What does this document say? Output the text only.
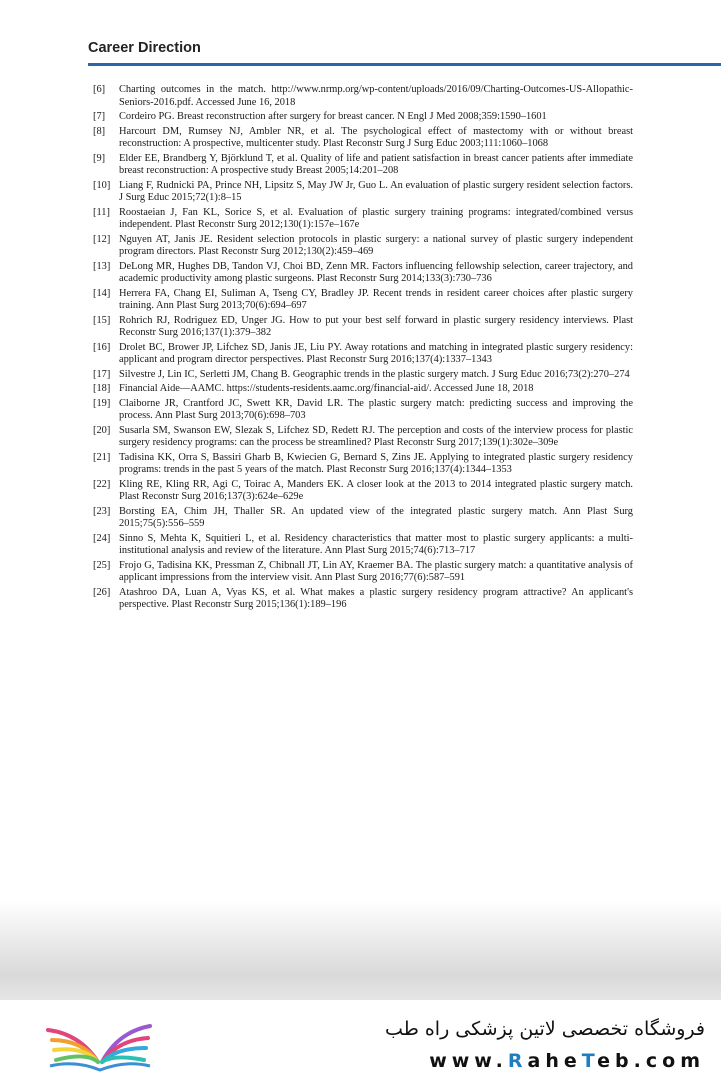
Career Direction
[6]	Charting outcomes in the match. http://www.nrmp.org/wp-content/uploads/2016/09/Charting-Outcomes-US-Allopathic-Seniors-2016.pdf. Accessed June 16, 2018
[7]	Cordeiro PG. Breast reconstruction after surgery for breast cancer. N Engl J Med 2008;359:1590–1601
[8]	Harcourt DM, Rumsey NJ, Ambler NR, et al. The psychological effect of mastectomy with or without breast reconstruction: A prospective, multicenter study. Plast Reconstr Surg J Surg Educ 2003;111:1060–1068
[9]	Elder EE, Brandberg Y, Björklund T, et al. Quality of life and patient satisfaction in breast cancer patients after immediate breast reconstruction: A prospective study Breast 2005;14:201–208
[10] Liang F, Rudnicki PA, Prince NH, Lipsitz S, May JW Jr, Guo L. An evaluation of plastic surgery resident selection factors. J Surg Educ 2015;72(1):8–15
[11] Roostaeian J, Fan KL, Sorice S, et al. Evaluation of plastic surgery training programs: integrated/combined versus independent. Plast Reconstr Surg 2012;130(1):157e–167e
[12] Nguyen AT, Janis JE. Resident selection protocols in plastic surgery: a national survey of plastic surgery independent program directors. Plast Reconstr Surg 2012;130(2):459–469
[13] DeLong MR, Hughes DB, Tandon VJ, Choi BD, Zenn MR. Factors influencing fellowship selection, career trajectory, and academic productivity among plastic surgeons. Plast Reconstr Surg 2014;133(3):730–736
[14] Herrera FA, Chang EI, Suliman A, Tseng CY, Bradley JP. Recent trends in resident career choices after plastic surgery training. Ann Plast Surg 2013;70(6):694–697
[15] Rohrich RJ, Rodriguez ED, Unger JG. How to put your best self forward in plastic surgery residency interviews. Plast Reconstr Surg 2016;137(1):379–382
[16] Drolet BC, Brower JP, Lifchez SD, Janis JE, Liu PY. Away rotations and matching in integrated plastic surgery residency: applicant and program director perspectives. Plast Reconstr Surg 2016;137(4):1337–1343
[17] Silvestre J, Lin IC, Serletti JM, Chang B. Geographic trends in the plastic surgery match. J Surg Educ 2016;73(2):270–274
[18] Financial Aide—AAMC. https://students-residents.aamc.org/financial-aid/. Accessed June 18, 2018
[19] Claiborne JR, Crantford JC, Swett KR, David LR. The plastic surgery match: predicting success and improving the process. Ann Plast Surg 2013;70(6):698–703
[20] Susarla SM, Swanson EW, Slezak S, Lifchez SD, Redett RJ. The perception and costs of the interview process for plastic surgery residency programs: can the process be streamlined? Plast Reconstr Surg 2017;139(1):302e–309e
[21] Tadisina KK, Orra S, Bassiri Gharb B, Kwiecien G, Bernard S, Zins JE. Applying to integrated plastic surgery residency programs: trends in the past 5 years of the match. Plast Reconstr Surg 2016;137(4):1344–1353
[22] Kling RE, Kling RR, Agi C, Toirac A, Manders EK. A closer look at the 2013 to 2014 integrated plastic surgery match. Plast Reconstr Surg 2016;137(3):624e–629e
[23] Borsting EA, Chim JH, Thaller SR. An updated view of the integrated plastic surgery match. Ann Plast Surg 2015;75(5):556–559
[24] Sinno S, Mehta K, Squitieri L, et al. Residency characteristics that matter most to plastic surgery applicants: a multi-institutional analysis and review of the literature. Ann Plast Surg 2015;74(6):713–717
[25] Frojo G, Tadisina KK, Pressman Z, Chibnall JT, Lin AY, Kraemer BA. The plastic surgery match: a quantitative analysis of applicant impressions from the interview visit. Ann Plast Surg 2016;77(6):587–591
[26] Atashroo DA, Luan A, Vyas KS, et al. What makes a plastic surgery residency program attractive? An applicant's perspective. Plast Reconstr Surg 2015;136(1):189–196
فروشگاه تخصصی لاتین پزشکی راه طب
www.RaheTeb.com
